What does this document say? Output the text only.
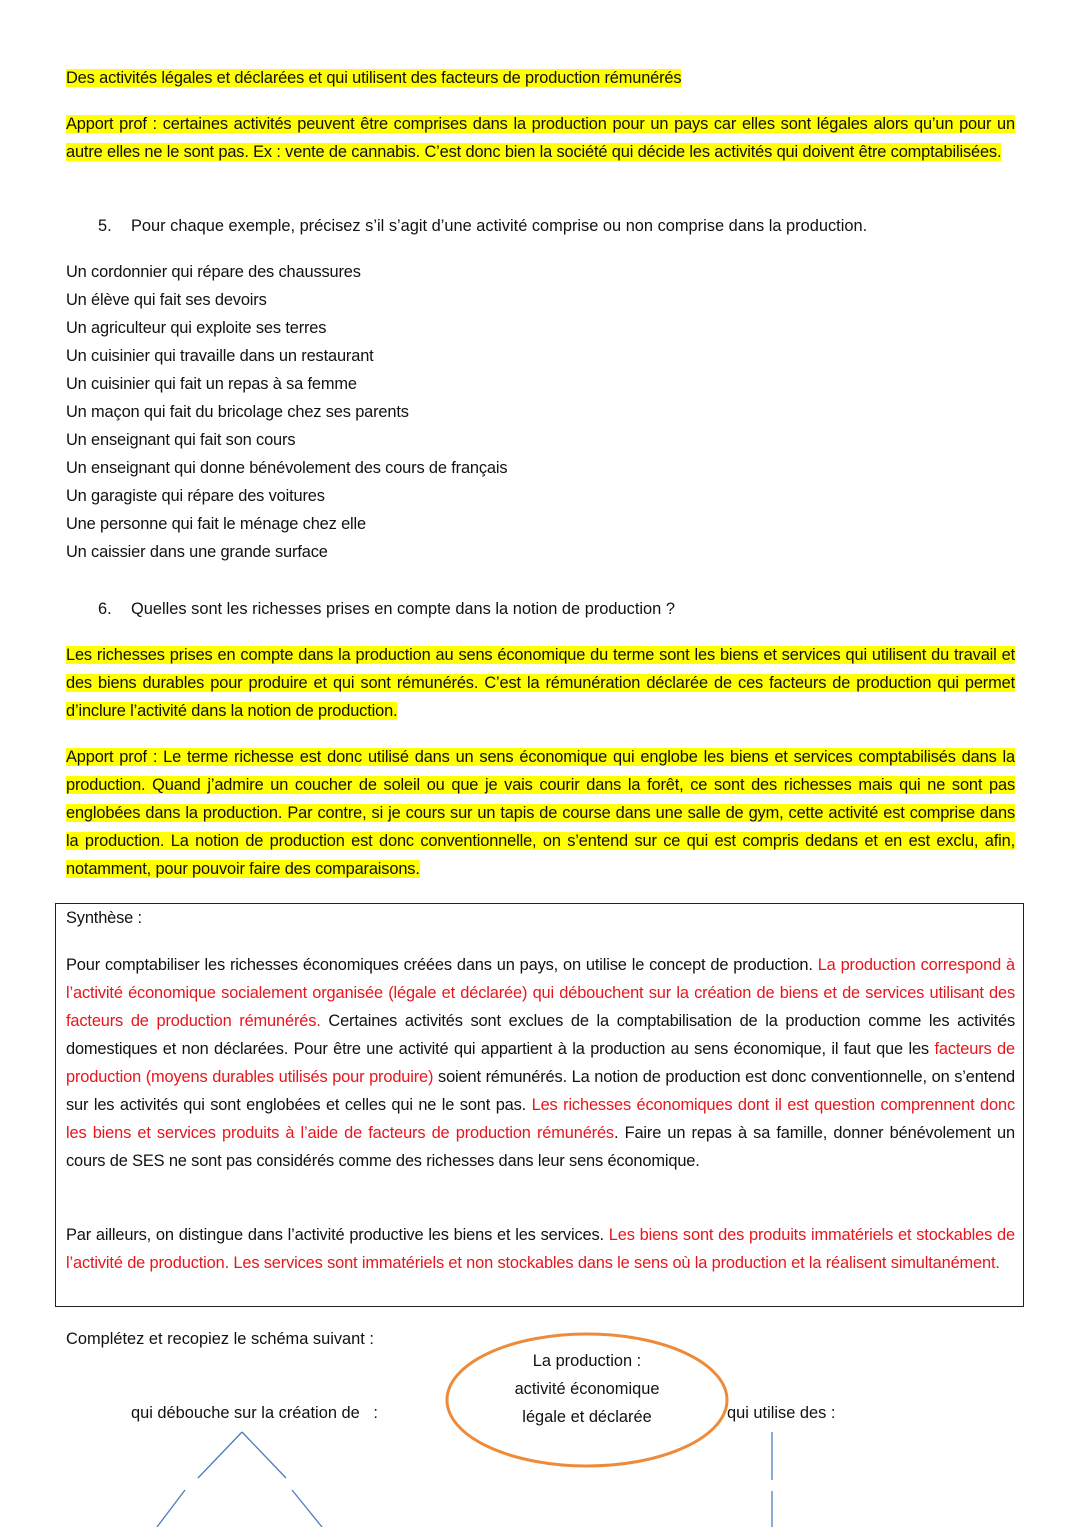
Des activités légales et déclarées et qui utilisent des facteurs de production rémunérés
Apport prof : certaines activités peuvent être comprises dans la production pour un pays car elles sont légales alors qu’un pour un autre elles ne le sont pas. Ex : vente de cannabis. C’est donc bien la société qui décide les activités qui doivent être comptabilisées.
5. Pour chaque exemple, précisez s’il s’agit d’une activité comprise ou non comprise dans la production.
Un cordonnier qui répare des chaussures
Un élève qui fait ses devoirs
Un agriculteur qui exploite ses terres
Un cuisinier qui travaille dans un restaurant
Un cuisinier qui fait un repas à sa femme
Un maçon qui fait du bricolage chez ses parents
Un enseignant qui fait son cours
Un enseignant qui donne bénévolement des cours de français
Un garagiste qui répare des voitures
Une personne qui fait le ménage chez elle
Un caissier dans une grande surface
6. Quelles sont les richesses prises en compte dans la notion de production ?
Les richesses prises en compte dans la production au sens économique du terme sont les biens et services qui utilisent du travail et des biens durables pour produire et qui sont rémunérés. C’est la rémunération déclarée de ces facteurs de production qui permet d’inclure l’activité dans la notion de production.
Apport prof : Le terme richesse est donc utilisé dans un sens économique qui englobe les biens et services comptabilisés dans la production. Quand j’admire un coucher de soleil ou que je vais courir dans la forêt, ce sont des richesses mais qui ne sont pas englobées dans la production. Par contre, si je cours sur un tapis de course dans une salle de gym, cette activité est comprise dans la production. La notion de production est donc conventionnelle, on s’entend sur ce qui est compris dedans et en est exclu, afin, notamment, pour pouvoir faire des comparaisons.
Synthèse :
Pour comptabiliser les richesses économiques créées dans un pays, on utilise le concept de production. La production correspond à l’activité économique socialement organisée (légale et déclarée) qui débouchent sur la création de biens et de services utilisant des facteurs de production rémunérés. Certaines activités sont exclues de la comptabilisation de la production comme les activités domestiques et non déclarées. Pour être une activité qui appartient à la production au sens économique, il faut que les facteurs de production (moyens durables utilisés pour produire) soient rémunérés. La notion de production est donc conventionnelle, on s’entend sur les activités qui sont englobées et celles qui ne le sont pas. Les richesses économiques dont il est question comprennent donc les biens et services produits à l’aide de facteurs de production rémunérés. Faire un repas à sa famille, donner bénévolement un cours de SES ne sont pas considérés comme des richesses dans leur sens économique.
Par ailleurs, on distingue dans l’activité productive les biens et les services. Les biens sont des produits immatériels et stockables de l’activité de production. Les services sont immatériels et non stockables dans le sens où la production et la réalisent simultanément.
Complétez et recopiez le schéma suivant :
La production :
activité économique
légale et déclarée
qui débouche sur la création de   :	qui utilise des :
